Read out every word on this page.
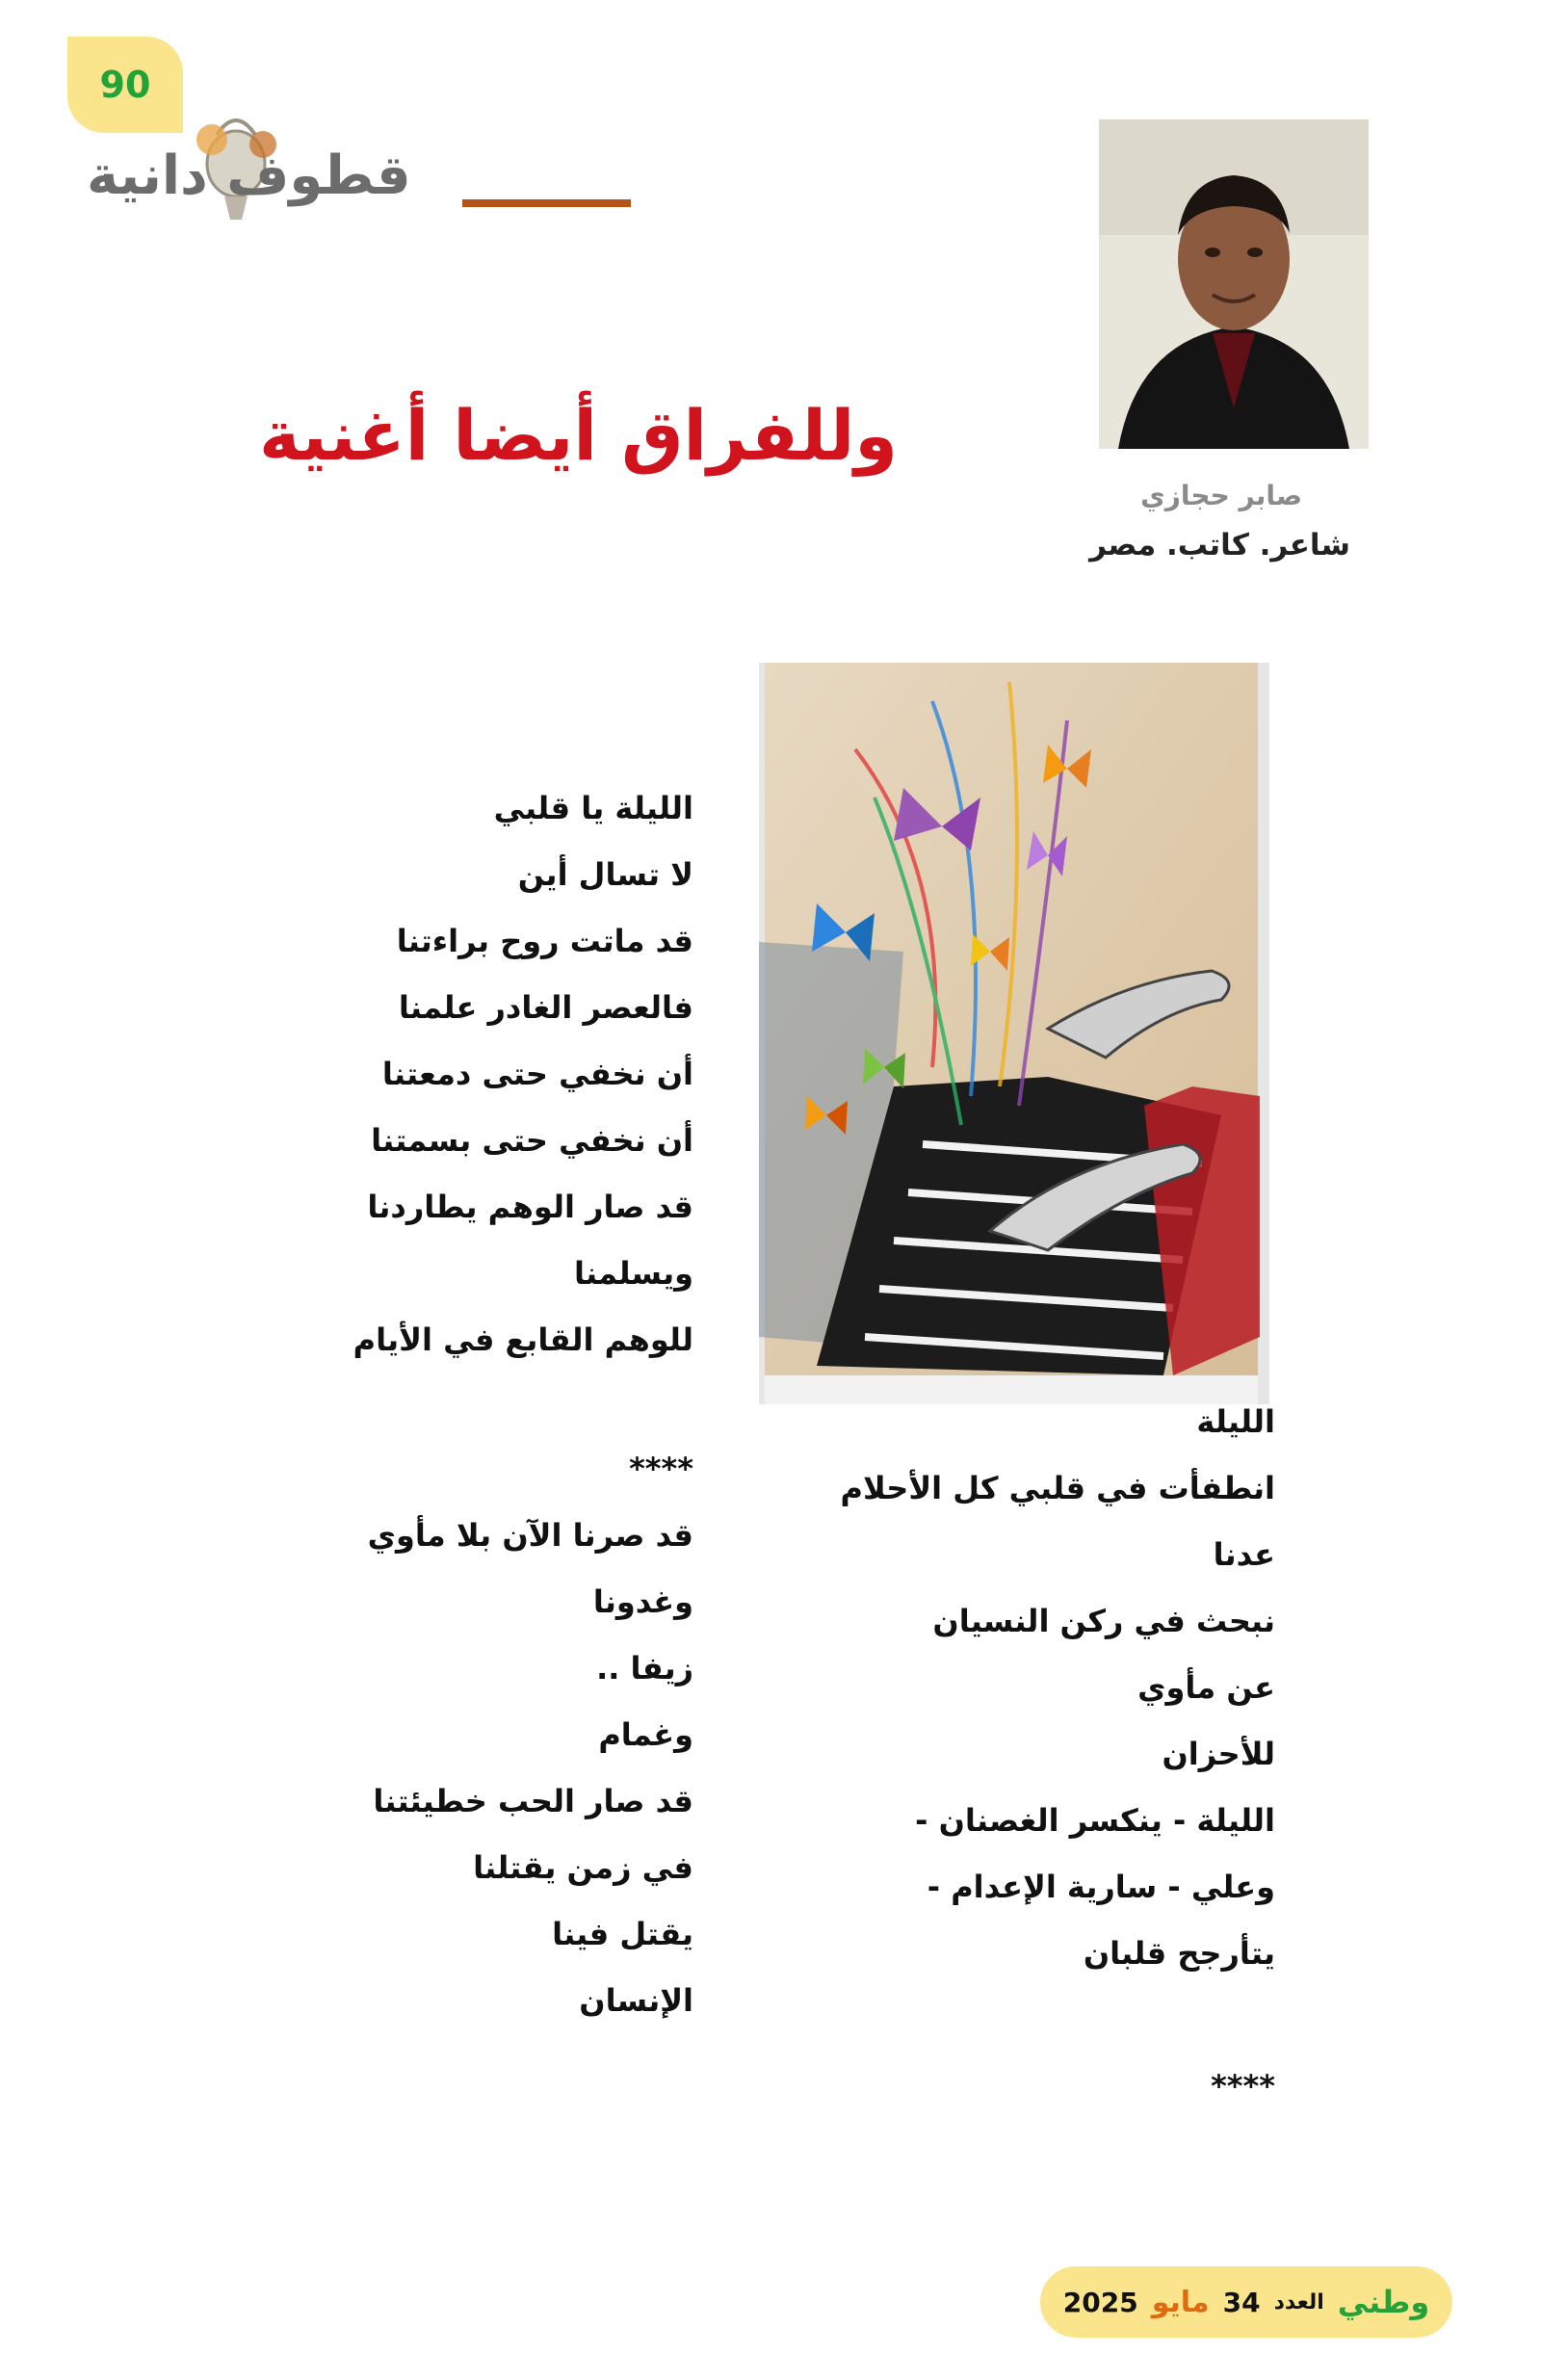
90
قطوف دانية
صابر حجازي
شاعر. كاتب. مصر
وللفراق أيضا أغنية
الليلة يا قلبي
لا تسال أين
قد ماتت روح براءتنا
فالعصر الغادر علمنا
أن نخفي حتى دمعتنا
أن نخفي حتى بسمتنا
قد صار الوهم يطاردنا
ويسلمنا
للوهم القابع في الأيام
****
قد صرنا الآن بلا مأوي
وغدونا
زيفا ..
وغمام
قد صار الحب خطيئتنا
في زمن يقتلنا
يقتل فينا
الإنسان
الليلة
انطفأت في قلبي كل الأحلام
عدنا
نبحث في ركن النسيان
عن مأوي
للأحزان
الليلة - ينكسر الغصنان -
وعلي - سارية الإعدام -
يتأرجح قلبان
****
وطني
العدد
34
مايو
2025
